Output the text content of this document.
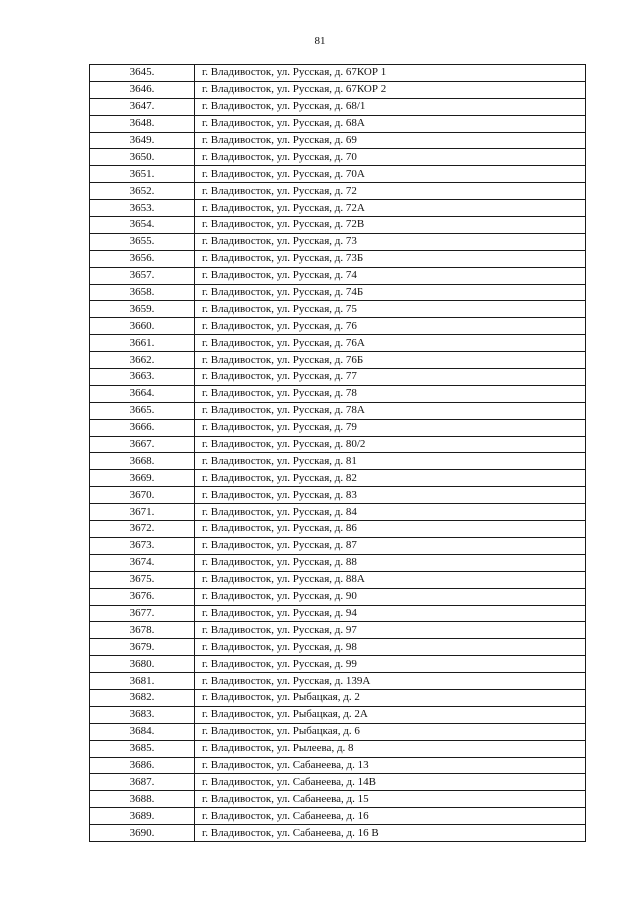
81
3645.	г. Владивосток, ул. Русская, д. 67КОР 1
3646.	г. Владивосток, ул. Русская, д. 67КОР 2
3647.	г. Владивосток, ул. Русская, д. 68/1
3648.	г. Владивосток, ул. Русская, д. 68А
3649.	г. Владивосток, ул. Русская, д. 69
3650.	г. Владивосток, ул. Русская, д. 70
3651.	г. Владивосток, ул. Русская, д. 70А
3652.	г. Владивосток, ул. Русская, д. 72
3653.	г. Владивосток, ул. Русская, д. 72А
3654.	г. Владивосток, ул. Русская, д. 72В
3655.	г. Владивосток, ул. Русская, д. 73
3656.	г. Владивосток, ул. Русская, д. 73Б
3657.	г. Владивосток, ул. Русская, д. 74
3658.	г. Владивосток, ул. Русская, д. 74Б
3659.	г. Владивосток, ул. Русская, д. 75
3660.	г. Владивосток, ул. Русская, д. 76
3661.	г. Владивосток, ул. Русская, д. 76А
3662.	г. Владивосток, ул. Русская, д. 76Б
3663.	г. Владивосток, ул. Русская, д. 77
3664.	г. Владивосток, ул. Русская, д. 78
3665.	г. Владивосток, ул. Русская, д. 78А
3666.	г. Владивосток, ул. Русская, д. 79
3667.	г. Владивосток, ул. Русская, д. 80/2
3668.	г. Владивосток, ул. Русская, д. 81
3669.	г. Владивосток, ул. Русская, д. 82
3670.	г. Владивосток, ул. Русская, д. 83
3671.	г. Владивосток, ул. Русская, д. 84
3672.	г. Владивосток, ул. Русская, д. 86
3673.	г. Владивосток, ул. Русская, д. 87
3674.	г. Владивосток, ул. Русская, д. 88
3675.	г. Владивосток, ул. Русская, д. 88А
3676.	г. Владивосток, ул. Русская, д. 90
3677.	г. Владивосток, ул. Русская, д. 94
3678.	г. Владивосток, ул. Русская, д. 97
3679.	г. Владивосток, ул. Русская, д. 98
3680.	г. Владивосток, ул. Русская, д. 99
3681.	г. Владивосток, ул. Русская, д. 139А
3682.	г. Владивосток, ул. Рыбацкая, д. 2
3683.	г. Владивосток, ул. Рыбацкая, д. 2А
3684.	г. Владивосток, ул. Рыбацкая, д. 6
3685.	г. Владивосток, ул. Рылеева, д. 8
3686.	г. Владивосток, ул. Сабанеева, д. 13
3687.	г. Владивосток, ул. Сабанеева, д. 14В
3688.	г. Владивосток, ул. Сабанеева, д. 15
3689.	г. Владивосток, ул. Сабанеева, д. 16
3690.	г. Владивосток, ул. Сабанеева, д. 16 В
